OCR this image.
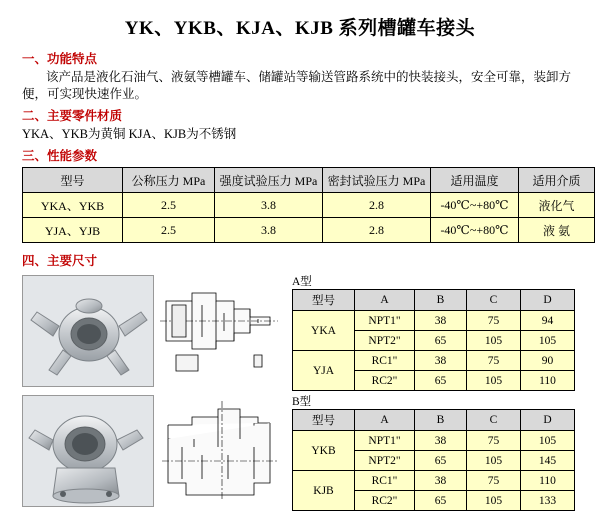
YK、YKB、KJA、KJB 系列槽罐车接头
一、功能特点
该产品是液化石油气、液氨等槽罐车、储罐站等输送管路系统中的快装接头，安全可靠，装卸方便，可实现快速作业。
二、主要零件材质
YKA、YKB为黄铜 KJA、KJB为不锈钢
三、性能参数
型号	公称压力 MPa	强度试验压力 MPa	密封试验压力 MPa	适用温度	适用介质
YKA、YKB	2.5	3.8	2.8	-40℃~+80℃	液化气
YJA、YJB	2.5	3.8	2.8	-40℃~+80℃	液 氨
四、主要尺寸
A型
型号	A	B	C	D
YKA	NPT1"	38	75	94
	NPT2"	65	105	105
YJA	RC1"	38	75	90
	RC2"	65	105	110
B型
型号	A	B	C	D
YKB	NPT1"	38	75	105
	NPT2"	65	105	145
KJB	RC1"	38	75	110
	RC2"	65	105	133
